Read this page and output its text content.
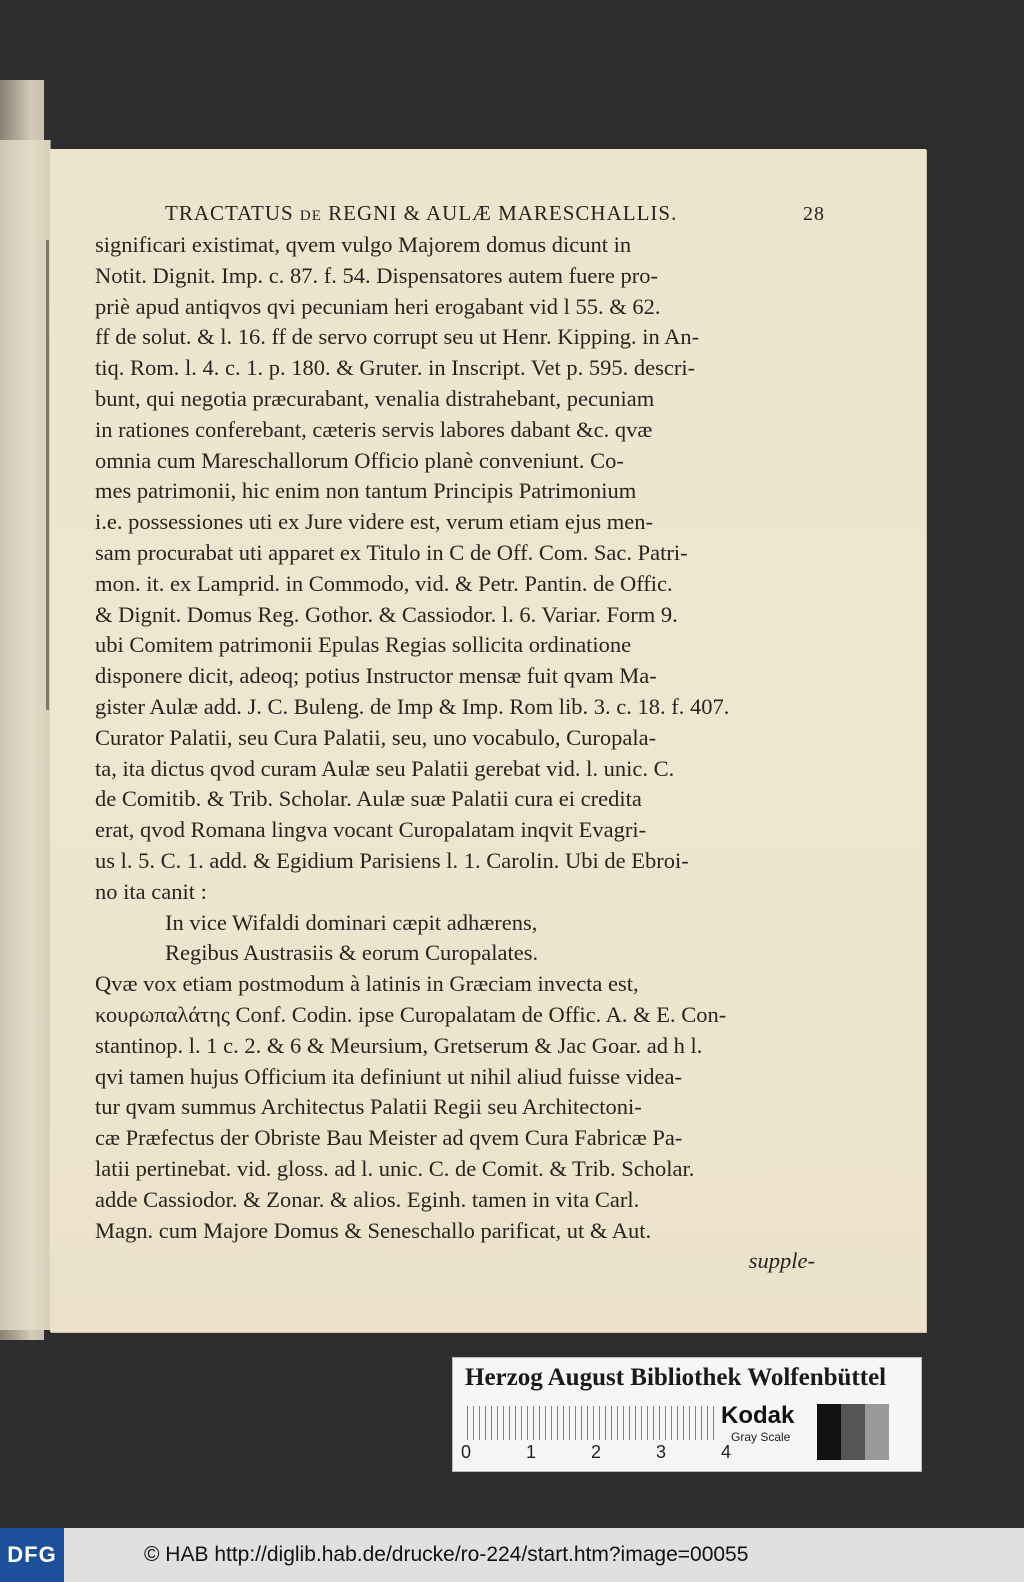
TRACTATUS de REGNI & AULÆ MARESCHALLIS.	28
significari existimat, qvem vulgo Majorem domus dicunt in
Notit. Dignit. Imp. c. 87. f. 54. Dispensatores autem fuere pro-
priè apud antiqvos qvi pecuniam heri erogabant vid l 55. & 62.
ff de solut. & l. 16. ff de servo corrupt seu ut Henr. Kipping. in An-
tiq. Rom. l. 4. c. 1. p. 180. & Gruter. in Inscript. Vet p. 595. descri-
bunt, qui negotia præcurabant, venalia distrahebant, pecuniam
in rationes conferebant, cæteris servis labores dabant &c. qvæ
omnia cum Mareschallorum Officio planè conveniunt. Co-
mes patrimonii, hic enim non tantum Principis Patrimonium
i.e. possessiones uti ex Jure videre est, verum etiam ejus men-
sam procurabat uti apparet ex Titulo in C de Off. Com. Sac. Patri-
mon. it. ex Lamprid. in Commodo, vid. & Petr. Pantin. de Offic.
& Dignit. Domus Reg. Gothor. & Cassiodor. l. 6. Variar. Form 9.
ubi Comitem patrimonii Epulas Regias sollicita ordinatione
disponere dicit, adeoq; potius Instructor mensæ fuit qvam Ma-
gister Aulæ add. J. C. Buleng. de Imp & Imp. Rom lib. 3. c. 18. f. 407.
Curator Palatii, seu Cura Palatii, seu, uno vocabulo, Curopala-
ta, ita dictus qvod curam Aulæ seu Palatii gerebat vid. l. unic. C.
de Comitib. & Trib. Scholar. Aulæ suæ Palatii cura ei credita
erat, qvod Romana lingva vocant Curopalatam inqvit Evagri-
us l. 5. C. 1. add. & Egidium Parisiens l. 1. Carolin. Ubi de Ebroi-
no ita canit :
In vice Wifaldi dominari cæpit adhærens,
Regibus Austrasiis & eorum Curopalates.
Qvæ vox etiam postmodum à latinis in Græciam invecta est,
κουρωπαλάτης Conf. Codin. ipse Curopalatam de Offic. A. & E. Con-
stantinop. l. 1 c. 2. & 6 & Meursium, Gretserum & Jac Goar. ad h l.
qvi tamen hujus Officium ita definiunt ut nihil aliud fuisse videa-
tur qvam summus Architectus Palatii Regii seu Architectoni-
cæ Præfectus der Obriste Bau Meister ad qvem Cura Fabricæ Pa-
latii pertinebat. vid. gloss. ad l. unic. C. de Comit. & Trib. Scholar.
adde Cassiodor. & Zonar. & alios. Eginh. tamen in vita Carl.
Magn. cum Majore Domus & Seneschallo parificat, ut & Aut.
supple-
Herzog August Bibliothek Wolfenbüttel
0	1	2	3	4
Kodak
Gray Scale
DFG	© HAB http://diglib.hab.de/drucke/ro-224/start.htm?image=00055
